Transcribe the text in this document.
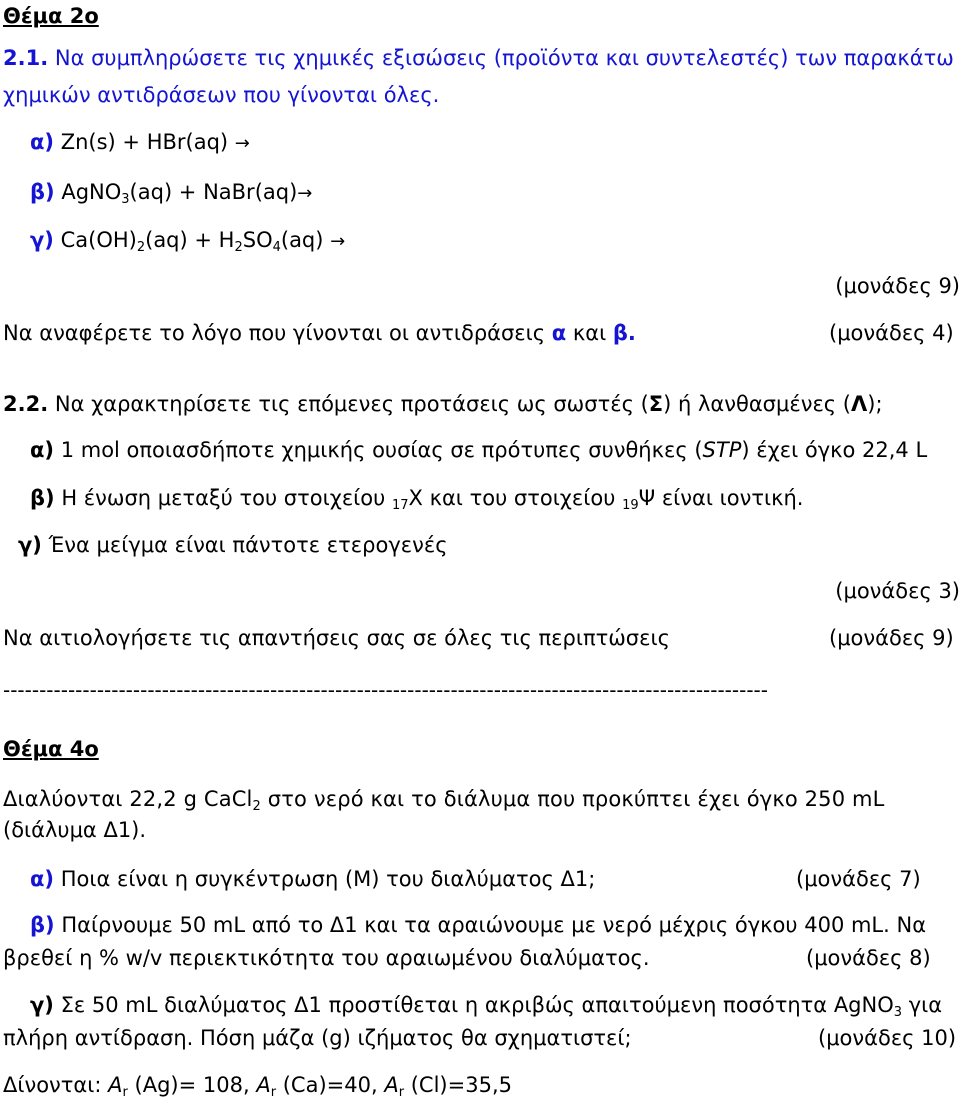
Θέμα 2ο
2.1. Να συμπληρώσετε τις χημικές εξισώσεις (προϊόντα και συντελεστές) των παρακάτω
χημικών αντιδράσεων που γίνονται όλες.
α) Zn(s) + HBr(aq) →
β) AgNO$_3$(aq) + NaBr(aq)→
γ) $Ca(OH)_2(aq) + H_2SO_4(aq)$ →
(μονάδες 9)
Να αναφέρετε το λόγο που γίνονται οι αντιδράσεις α και β.	(μονάδες 4)
2.2. Να χαρακτηρίσετε τις επόμενες προτάσεις ως σωστές (Σ) ή λανθασμένες (Λ);
α) 1 mol οποιασδήποτε χημικής ουσίας σε πρότυπες συνθήκες (STP) έχει όγκο 22,4 L
β) Η ένωση μεταξύ του στοιχείου $_{17}$Χ και του στοιχείου $_{19}$Ψ είναι ιοντική.
γ) Ένα μείγμα είναι πάντοτε ετερογενές
(μονάδες 3)
Να αιτιολογήσετε τις απαντήσεις σας σε όλες τις περιπτώσεις	(μονάδες 9)
----------------------------------------------------------------------------------------------------------
Θέμα 4ο
Διαλύονται 22,2 g CaCl$_2$ στο νερό και το διάλυμα που προκύπτει έχει όγκο 250 mL
(διάλυμα Δ1).
α) Ποια είναι η συγκέντρωση (M) του διαλύματος Δ1;	(μονάδες 7)
β) Παίρνουμε 50 mL από το Δ1 και τα αραιώνουμε με νερό μέχρις όγκου 400 mL. Να
βρεθεί η % w/v περιεκτικότητα του αραιωμένου διαλύματος.	(μονάδες 8)
γ) Σε 50 mL διαλύματος Δ1 προστίθεται η ακριβώς απαιτούμενη ποσότητα AgNO$_3$ για
πλήρη αντίδραση. Πόση μάζα (g) ιζήματος θα σχηματιστεί;	(μονάδες 10)
Δίνονται: $A_r$ (Ag)= 108, $A_r$ (Ca)=40, $A_r$ (Cl)=35,5
